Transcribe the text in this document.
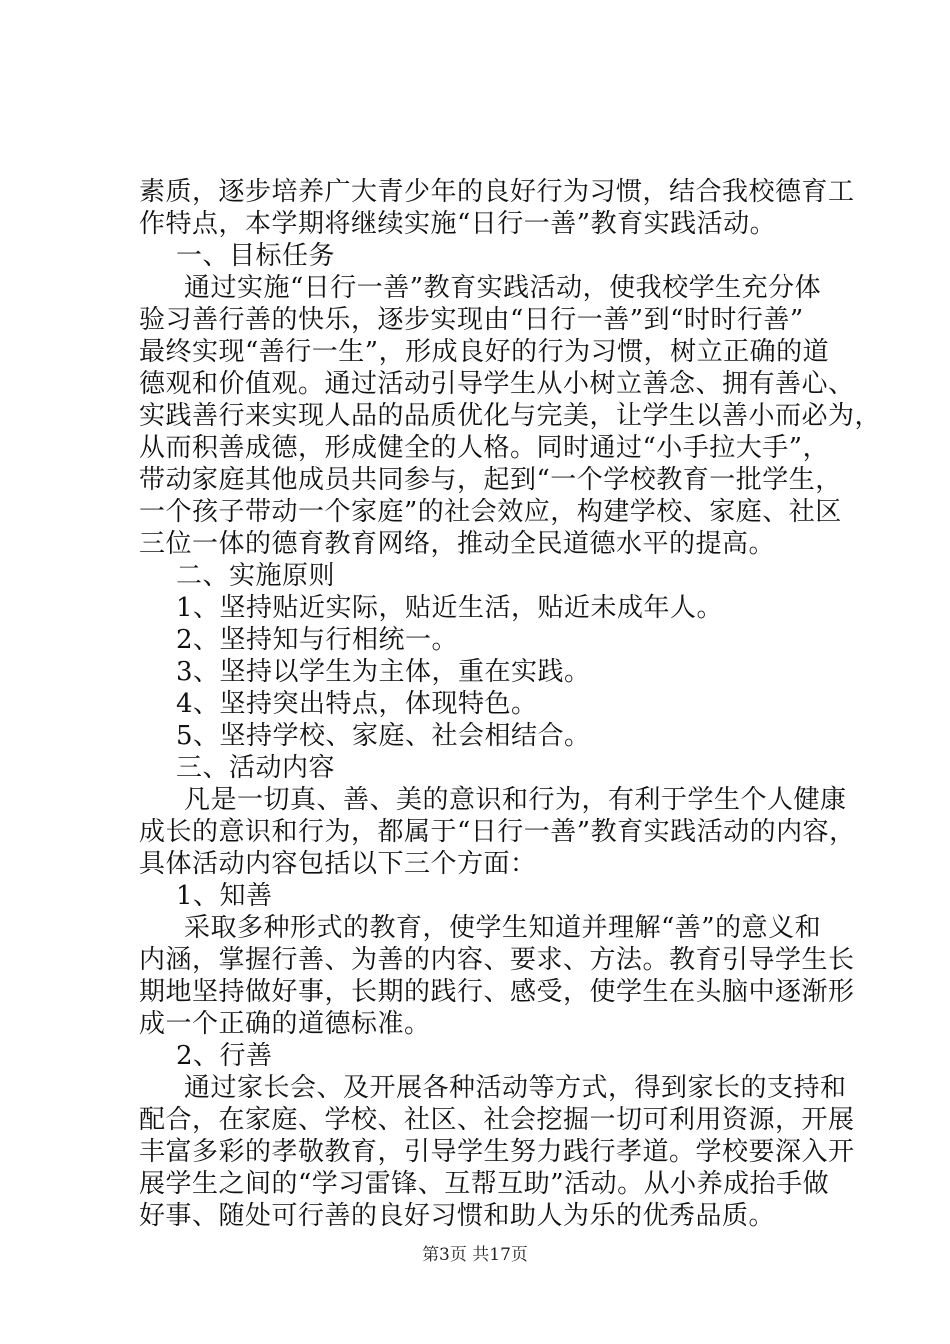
素质，逐步培养广大青少年的良好行为习惯，结合我校德育工
作特点，本学期将继续实施“日行一善”教育实践活动。
一、目标任务
通过实施“日行一善”教育实践活动，使我校学生充分体
验习善行善的快乐，逐步实现由“日行一善”到“时时行善”
最终实现“善行一生”，形成良好的行为习惯，树立正确的道
德观和价值观。通过活动引导学生从小树立善念、拥有善心、
实践善行来实现人品的品质优化与完美，让学生以善小而必为，
从而积善成德，形成健全的人格。同时通过“小手拉大手”，
带动家庭其他成员共同参与，起到“一个学校教育一批学生，
一个孩子带动一个家庭”的社会效应，构建学校、家庭、社区
三位一体的德育教育网络，推动全民道德水平的提高。
二、实施原则
1、坚持贴近实际，贴近生活，贴近未成年人。
2、坚持知与行相统一。
3、坚持以学生为主体，重在实践。
4、坚持突出特点，体现特色。
5、坚持学校、家庭、社会相结合。
三、活动内容
凡是一切真、善、美的意识和行为，有利于学生个人健康
成长的意识和行为，都属于“日行一善”教育实践活动的内容，
具体活动内容包括以下三个方面：
1、知善
采取多种形式的教育，使学生知道并理解“善”的意义和
内涵，掌握行善、为善的内容、要求、方法。教育引导学生长
期地坚持做好事，长期的践行、感受，使学生在头脑中逐渐形
成一个正确的道德标准。
2、行善
通过家长会、及开展各种活动等方式，得到家长的支持和
配合，在家庭、学校、社区、社会挖掘一切可利用资源，开展
丰富多彩的孝敬教育，引导学生努力践行孝道。学校要深入开
展学生之间的“学习雷锋、互帮互助”活动。从小养成抬手做
好事、随处可行善的良好习惯和助人为乐的优秀品质。
第3页 共17页
